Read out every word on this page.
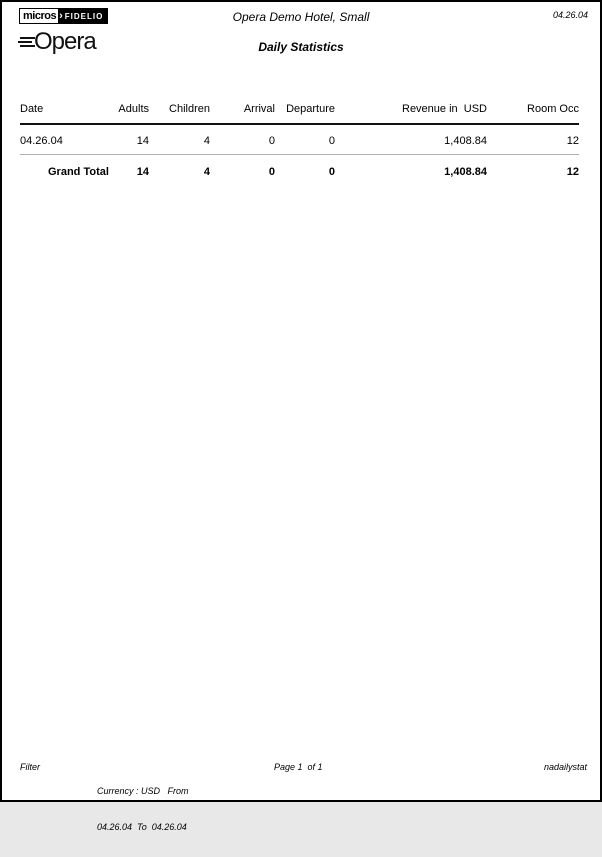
micros › FIDELIO
Opera
Opera Demo Hotel, Small	04.26.04
Daily Statistics
Date	Adults	Children	Arrival	Departure	Revenue in  USD	Room Occ
04.26.04	14	4	0	0	1,408.84	12
Grand Total	14	4	0	0	1,408.84	12
Filter

Currency : USD   From

04.26.04  To  04.26.04

Page 1  of 1	nadailystat
